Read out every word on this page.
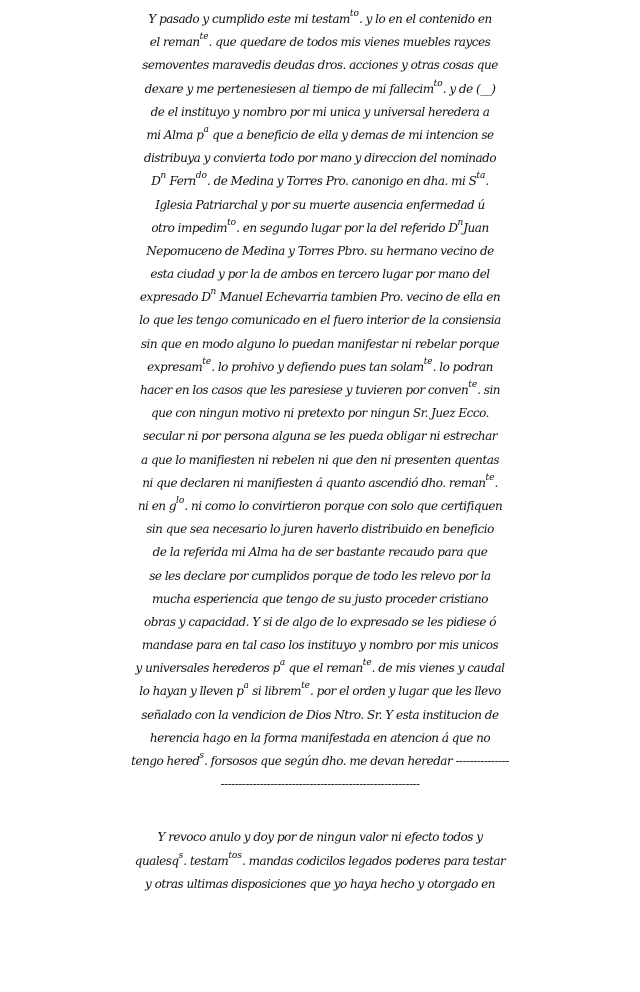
Y pasado y cumplido este mi testam$^{to}$. y lo en el contenido en
el reman$^{te}$. que quedare de todos mis vienes muebles rayces
semoventes maravedis deudas dros. acciones y otras cosas que
dexare y me pertenesiesen al tiempo de mi fallecim$^{to}$. y de (__)
de el instituyo y nombro por mi unica y universal heredera a
mi Alma $p^a$ que a beneficio de ella y demas de mi intencion se
distribuya y convierta todo por mano y direccion del nominado
$D^n$ Fern$^{do}$. de Medina y Torres Pro. canonigo en dha. mi $S^{ta}$.
Iglesia Patriarchal y por su muerte ausencia enfermedad ú
otro impedim$^{to}$. en segundo lugar por la del referido $D^nJuan$
Nepomuceno de Medina y Torres Pbro. su hermano vecino de
esta ciudad y por la de ambos en tercero lugar por mano del
expresado $D^n$ Manuel Echevarria tambien Pro. vecino de ella en
lo que les tengo comunicado en el fuero interior de la consiensia
sin que en modo alguno lo puedan manifestar ni rebelar porque
expresam$^{te}$. lo prohivo y defiendo pues tan solam$^{te}$. lo podran
hacer en los casos que les paresiese y tuvieren por conven$^{te}$. sin
que con ningun motivo ni pretexto por ningun Sr. Juez Ecco.
secular ni por persona alguna se les pueda obligar ni estrechar
a que lo manifiesten ni rebelen ni que den ni presenten quentas
ni que declaren ni manifiesten á quanto ascendió dho. reman$^{te}$.
ni en $g^{lo}$. ni como lo convirtieron porque con solo que certifiquen
sin que sea necesario lo juren haverlo distribuido en beneficio
de la referida mi Alma ha de ser bastante recaudo para que
se les declare por cumplidos porque de todo les relevo por la
mucha esperiencia que tengo de su justo proceder cristiano
obras y capacidad. Y si de algo de lo expresado se les pidiese ó
mandase para en tal caso los instituyo y nombro por mis unicos
y universales herederos $p^a$ que el reman$^{te}$. de mis vienes y caudal
lo hayan y lleven $p^a$ si librem$^{te}$. por el orden y lugar que les llevo
señalado con la vendicion de Dios Ntro. Sr. Y esta institucion de
herencia hago en la forma manifestada en atencion á que no
tengo hered$^s$. forsosos que según dho. me devan heredar ---------------
--------------------------------------------------------
Y revoco anulo y doy por de ningun valor ni efecto todos y
qualesq$^s$. testam$^{tos}$. mandas codicilos legados poderes para testar
y otras ultimas disposiciones que yo haya hecho y otorgado en
